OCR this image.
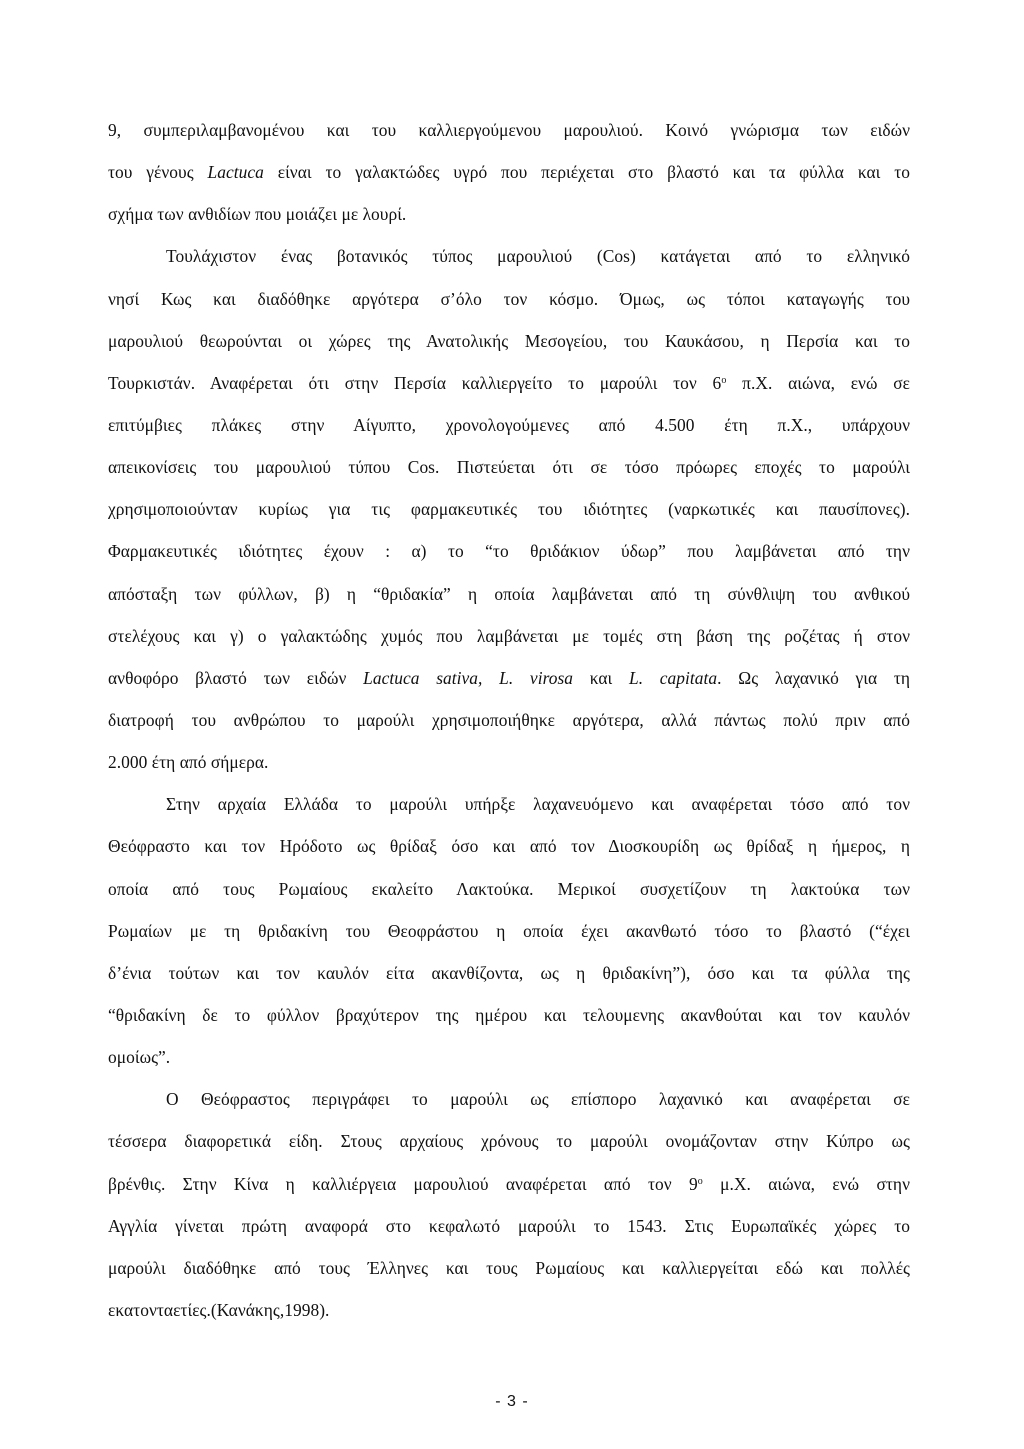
9, συμπεριλαμβανομένου και του καλλιεργούμενου μαρουλιού. Κοινό γνώρισμα των ειδών
του γένους Lactuca είναι το γαλακτώδες υγρό που περιέχεται στο βλαστό και τα φύλλα και το
σχήμα των ανθιδίων που μοιάζει με λουρί.
Τουλάχιστον ένας βοτανικός τύπος μαρουλιού (Cos) κατάγεται από το ελληνικό
νησί Κως και διαδόθηκε αργότερα σ’όλο τον κόσμο. Όμως, ως τόποι καταγωγής του
μαρουλιού θεωρούνται οι χώρες της Ανατολικής Μεσογείου, του Καυκάσου, η Περσία και το
Τουρκιστάν. Αναφέρεται ότι στην Περσία καλλιεργείτο το μαρούλι τον $6^o$ π.Χ. αιώνα, ενώ σε
επιτύμβιες πλάκες στην Αίγυπτο, χρονολογούμενες από 4.500 έτη π.Χ., υπάρχουν
απεικονίσεις του μαρουλιού τύπου Cos. Πιστεύεται ότι σε τόσο πρόωρες εποχές το μαρούλι
χρησιμοποιούνταν κυρίως για τις φαρμακευτικές του ιδιότητες (ναρκωτικές και παυσίπονες).
Φαρμακευτικές ιδιότητες έχουν : α) το “το θριδάκιον ύδωρ” που λαμβάνεται από την
απόσταξη των φύλλων, β) η “θριδακία” η οποία λαμβάνεται από τη σύνθλιψη του ανθικού
στελέχους και γ) ο γαλακτώδης χυμός που λαμβάνεται με τομές στη βάση της ροζέτας ή στον
ανθοφόρο βλαστό των ειδών Lactuca sativa, L. virosa και L. capitata. Ως λαχανικό για τη
διατροφή του ανθρώπου το μαρούλι χρησιμοποιήθηκε αργότερα, αλλά πάντως πολύ πριν από
2.000 έτη από σήμερα.
Στην αρχαία Ελλάδα το μαρούλι υπήρξε λαχανευόμενο και αναφέρεται τόσο από τον
Θεόφραστο και τον Ηρόδοτο ως θρίδαξ όσο και από τον Διοσκουρίδη ως θρίδαξ η ήμερος, η
οποία από τους Ρωμαίους εκαλείτο Λακτούκα. Μερικοί συσχετίζουν τη λακτούκα των
Ρωμαίων με τη θριδακίνη του Θεοφράστου η οποία έχει ακανθωτό τόσο το βλαστό (“έχει
δ’ένια τούτων και τον καυλόν είτα ακανθίζοντα, ως η θριδακίνη”), όσο και τα φύλλα της
“θριδακίνη δε το φύλλον βραχύτερον της ημέρου και τελουμενης ακανθούται και τον καυλόν
ομοίως”.
Ο Θεόφραστος περιγράφει το μαρούλι ως επίσπορο λαχανικό και αναφέρεται σε
τέσσερα διαφορετικά είδη. Στους αρχαίους χρόνους το μαρούλι ονομάζονταν στην Κύπρο ως
βρένθις. Στην Κίνα η καλλιέργεια μαρουλιού αναφέρεται από τον $9^o$ μ.Χ. αιώνα, ενώ στην
Αγγλία γίνεται πρώτη αναφορά στο κεφαλωτό μαρούλι το 1543. Στις Ευρωπαϊκές χώρες το
μαρούλι διαδόθηκε από τους Έλληνες και τους Ρωμαίους και καλλιεργείται εδώ και πολλές
εκατονταετίες.(Κανάκης,1998).
- 3 -
